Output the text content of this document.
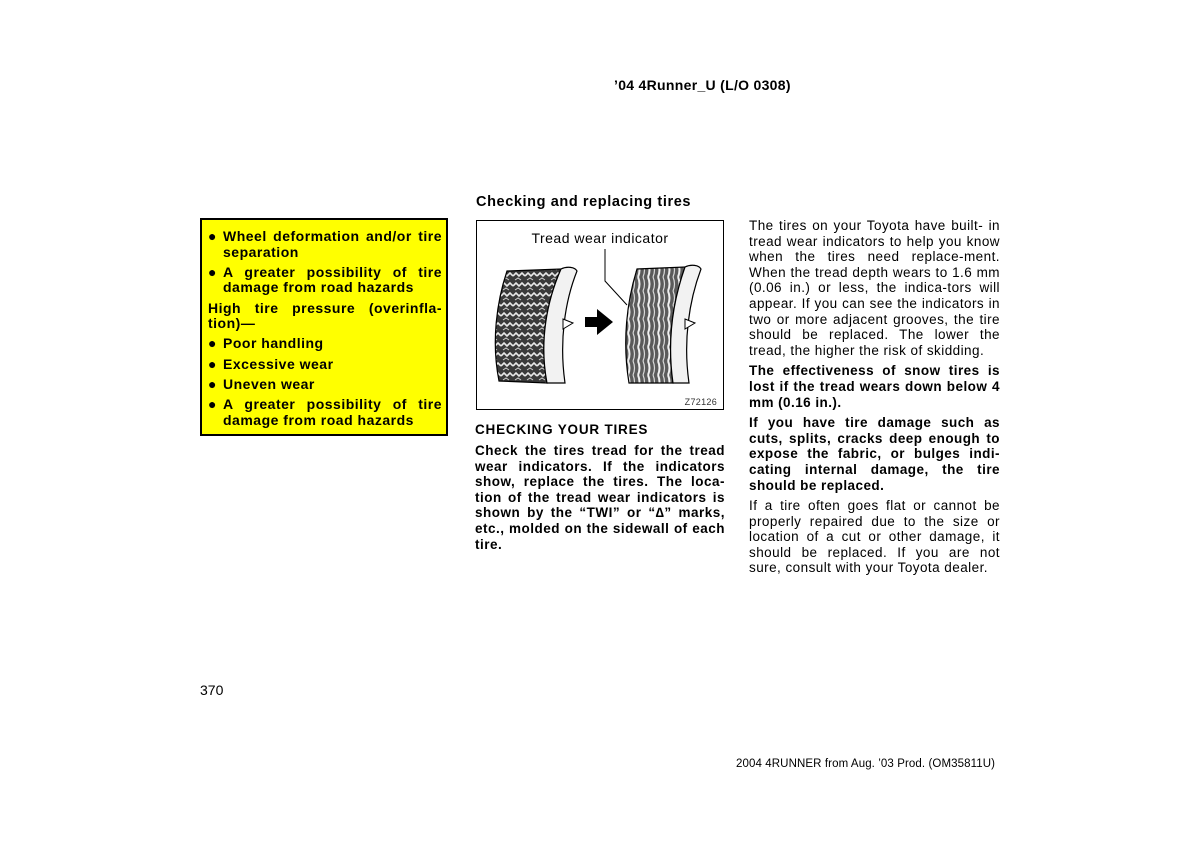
’04 4Runner_U (L/O 0308)
Checking and replacing tires
● Wheel deformation and/or tire separation
● A greater possibility of tire damage from road hazards
High tire pressure (overinfla-tion)—
● Poor handling
● Excessive wear
● Uneven wear
● A greater possibility of tire damage from road hazards
Tread wear indicator
Z72126
CHECKING YOUR TIRES
Check the tires tread for the tread wear indicators. If the indicators show, replace the tires. The loca-tion of the tread wear indicators is shown by the “TWI” or “∆” marks, etc., molded on the sidewall of each tire.

The tires on your Toyota have built- in tread wear indicators to help you know when the tires need replace-ment. When the tread depth wears to 1.6 mm (0.06 in.) or less, the indica-tors will appear. If you can see the indicators in two or more adjacent grooves, the tire should be replaced. The lower the tread, the higher the risk of skidding.

The effectiveness of snow tires is lost if the tread wears down below 4 mm (0.16 in.).

If you have tire damage such as cuts, splits, cracks deep enough to expose the fabric, or bulges indi-cating internal damage, the tire should be replaced.

If a tire often goes flat or cannot be properly repaired due to the size or location of a cut or other damage, it should be replaced. If you are not sure, consult with your Toyota dealer.

370
2004 4RUNNER from Aug. ’03 Prod. (OM35811U)
